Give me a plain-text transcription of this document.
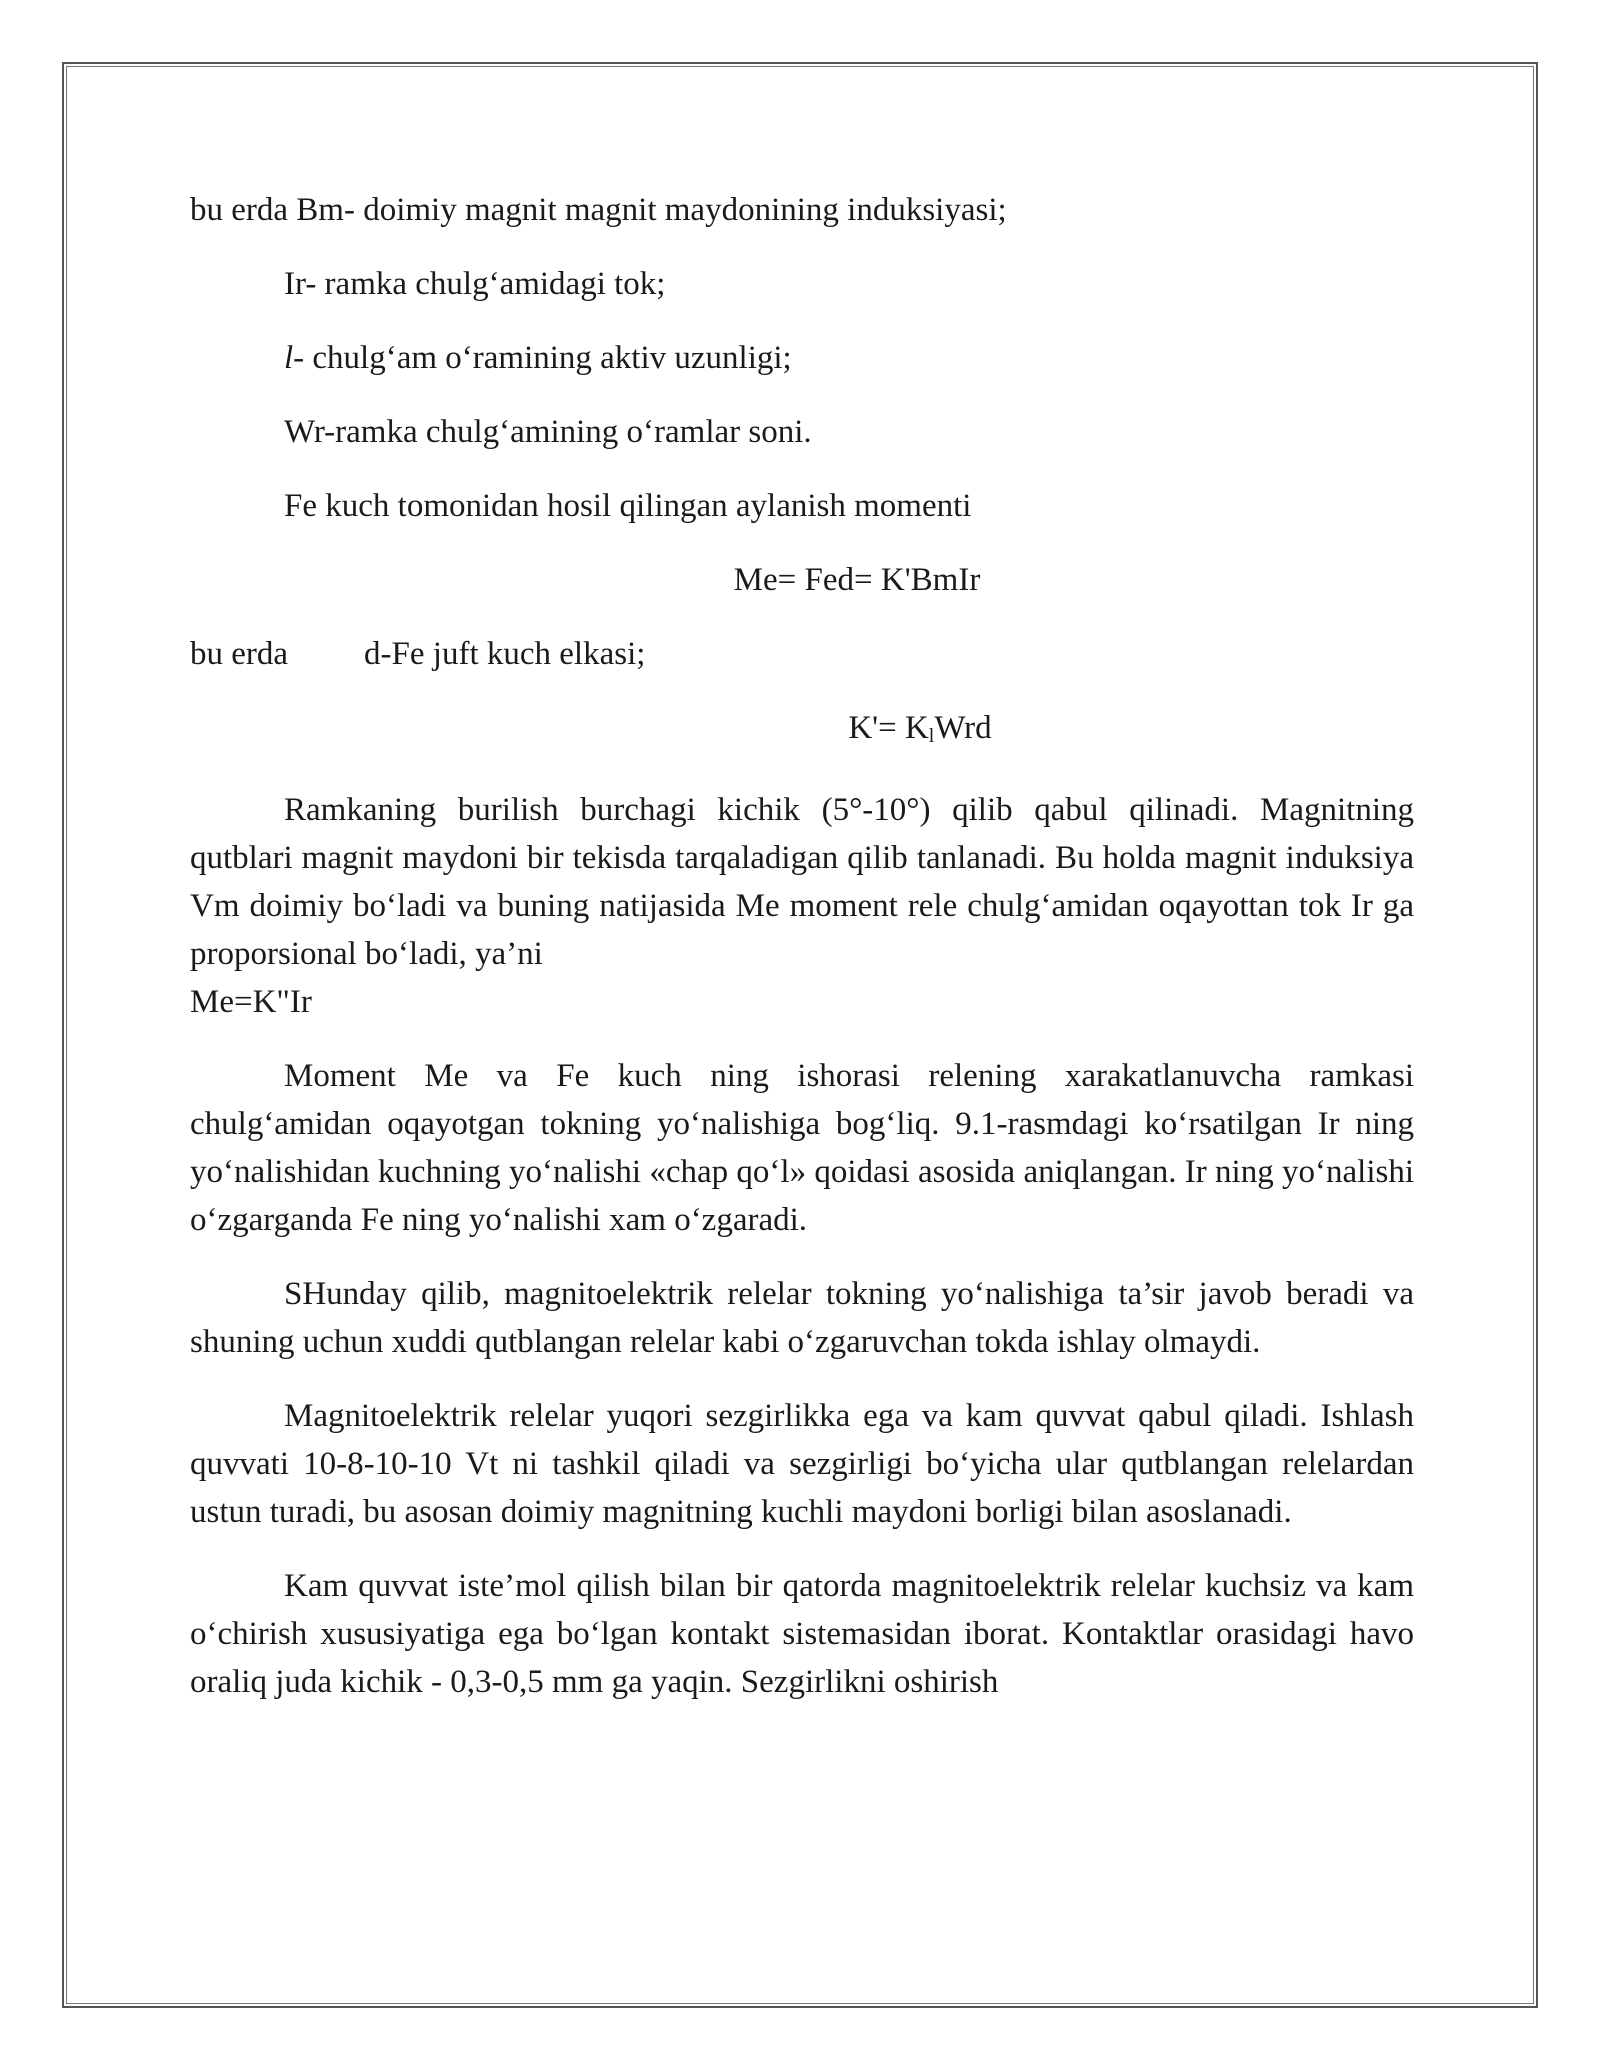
bu erda Bm- doimiy magnit magnit maydonining induksiyasi;
Ir- ramka chulg‘amidagi tok;
l- chulg‘am o‘ramining aktiv uzunligi;
Wr-ramka chulg‘amining o‘ramlar soni.
Fe kuch tomonidan hosil qilingan aylanish momenti
Me= Fed= K'BmIr
bu erda d-Fe juft kuch elkasi;
$K'= K_lWrd$

Ramkaning burilish burchagi kichik (5°-10°) qilib qabul qilinadi. Magnitning qutblari magnit maydoni bir tekisda tarqaladigan qilib tanlanadi. Bu holda magnit induksiya Vm doimiy bo‘ladi va buning natijasida Me moment rele chulg‘amidan oqayottan tok Ir ga proporsional bo‘ladi, ya’ni

Me=K"Ir

Moment Me va Fe kuch ning ishorasi relening xarakatlanuvcha ramkasi chulg‘amidan oqayotgan tokning yo‘nalishiga bog‘liq. 9.1-rasmdagi ko‘rsatilgan Ir ning yo‘nalishidan kuchning yo‘nalishi «chap qo‘l» qoidasi asosida aniqlangan. Ir ning yo‘nalishi o‘zgarganda Fe ning yo‘nalishi xam o‘zgaradi.

SHunday qilib, magnitoelektrik relelar tokning yo‘nalishiga ta’sir javob beradi va shuning uchun xuddi qutblangan relelar kabi o‘zgaruvchan tokda ishlay olmaydi.

Magnitoelektrik relelar yuqori sezgirlikka ega va kam quvvat qabul qiladi. Ishlash quvvati 10-8-10-10 Vt ni tashkil qiladi va sezgirligi bo‘yicha ular qutblangan relelardan ustun turadi, bu asosan doimiy magnitning kuchli maydoni borligi bilan asoslanadi.

Kam quvvat iste’mol qilish bilan bir qatorda magnitoelektrik relelar kuchsiz va kam o‘chirish xususiyatiga ega bo‘lgan kontakt sistemasidan iborat. Kontaktlar orasidagi havo oraliq juda kichik - 0,3-0,5 mm ga yaqin. Sezgirlikni oshirish
